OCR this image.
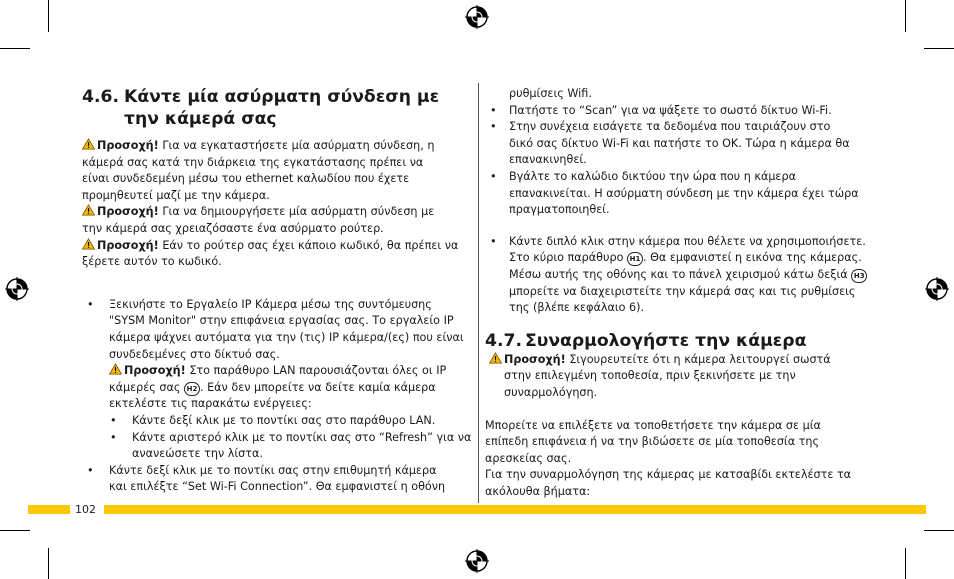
4.6. Κάντε μία ασύρματη σύνδεση με
την κάμερά σας

Προσοχή! Για να εγκαταστήσετε μία ασύρματη σύνδεση, η

κάμερά σας κατά την διάρκεια της εγκατάστασης πρέπει να

είναι συνδεδεμένη μέσω του ethernet καλωδίου που έχετε

προμηθευτεί μαζί με την κάμερα.

Προσοχή! Για να δημιουργήσετε μία ασύρματη σύνδεση με

την κάμερά σας χρειαζόσαστε ένα ασύρματο ρούτερ.

Προσοχή! Εάν το ρούτερ σας έχει κάποιο κωδικό, θα πρέπει να

ξέρετε αυτόν το κωδικό.

• Ξεκινήστε το Εργαλείο IP Κάμερα μέσω της συντόμευσης

"SYSM Monitor" στην επιφάνεια εργασίας σας. Το εργαλείο IP

κάμερα ψάχνει αυτόματα για την (τις) IP κάμερα/(ες) που είναι

συνδεδεμένες στο δίκτυό σας.

Προσοχή! Στο παράθυρο LAN παρουσιάζονται όλες οι IP

κάμερές σας H2 . Εάν δεν μπορείτε να δείτε καμία κάμερα

εκτελέστε τις παρακάτω ενέργειες:

• Κάντε δεξί κλικ με το ποντίκι σας στο παράθυρο LAN.

• Κάντε αριστερό κλικ με το ποντίκι σας στο “Refresh” για να

ανανεώσετε την λίστα.

• Κάντε δεξί κλικ με το ποντίκι σας στην επιθυμητή κάμερα

και επιλέξτε “Set Wi-Fi Connection”. Θα εμφανιστεί η οθόνη

ρυθμίσεις Wifi.

• Πατήστε το “Scan” για να ψάξετε το σωστό δίκτυο Wi-Fi.

• Στην συνέχεια εισάγετε τα δεδομένα που ταιριάζουν στο

δικό σας δίκτυο Wi-Fi και πατήστε το OK. Τώρα η κάμερα θα

επανακινηθεί.

• Βγάλτε το καλώδιο δικτύου την ώρα που η κάμερα

επανακινείται. Η ασύρματη σύνδεση με την κάμερα έχει τώρα

πραγματοποιηθεί.

• Κάντε διπλό κλικ στην κάμερα που θέλετε να χρησιμοποιήσετε.

Στο κύριο παράθυρο H1 . Θα εμφανιστεί η εικόνα της κάμερας.

Μέσω αυτής της οθόνης και το πάνελ χειρισμού κάτω δεξιά H3

μπορείτε να διαχειριστείτε την κάμερά σας και τις ρυθμίσεις

της (βλέπε κεφάλαιο 6).

4.7. Συναρμολογήστε την κάμερα

Προσοχή! Σιγουρευτείτε ότι η κάμερα λειτουργεί σωστά

στην επιλεγμένη τοποθεσία, πριν ξεκινήσετε με την

συναρμολόγηση.

Μπορείτε να επιλέξετε να τοποθετήσετε την κάμερα σε μία

επίπεδη επιφάνεια ή να την βιδώσετε σε μία τοποθεσία της

αρεσκείας σας.

Για την συναρμολόγηση της κάμερας με κατσαβίδι εκτελέστε τα

ακόλουθα βήματα:

102
